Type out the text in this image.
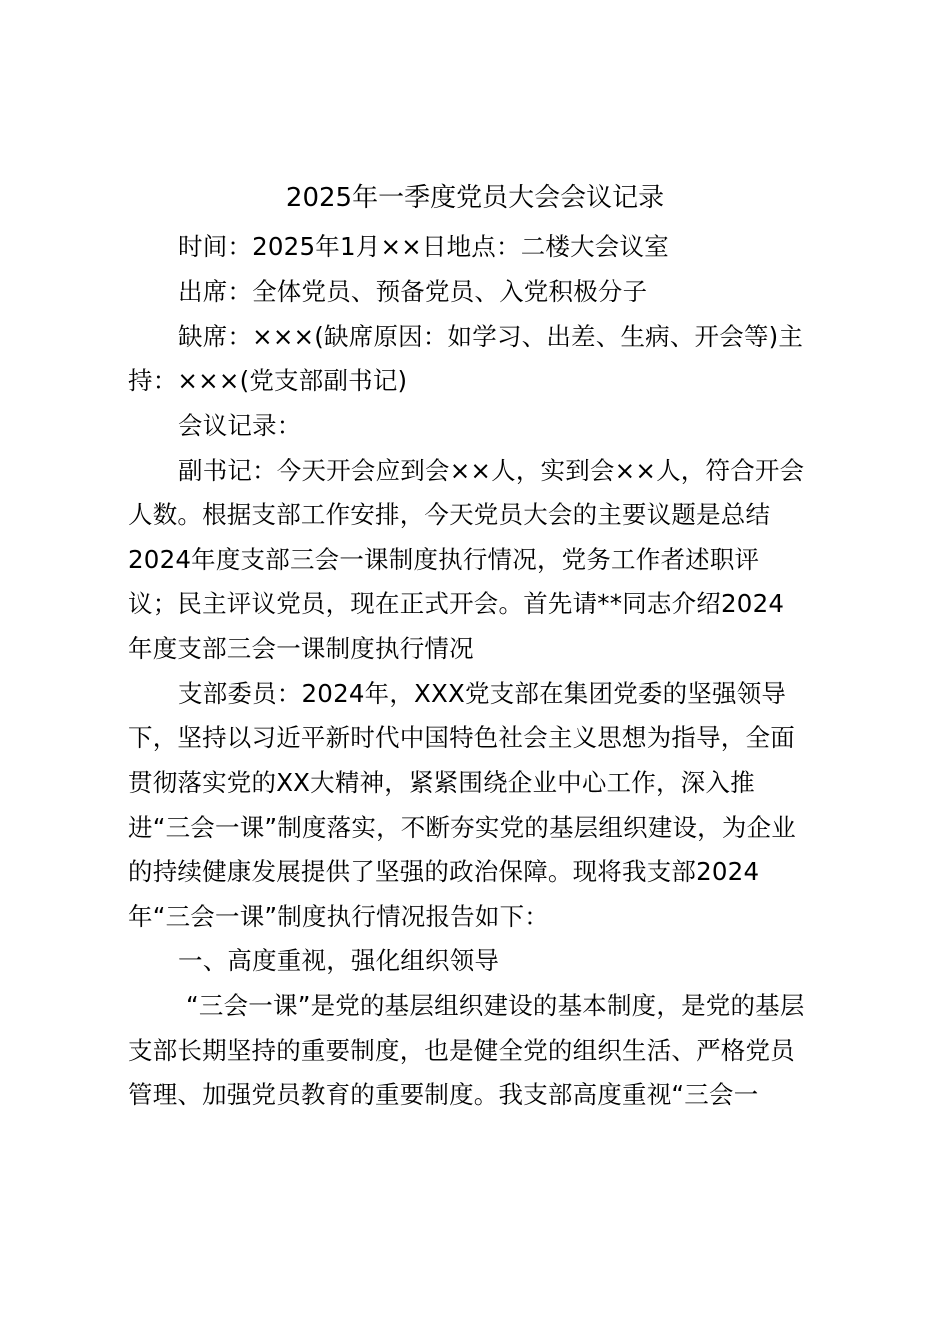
2025年一季度党员大会会议记录
时间：2025年1月××日地点：二楼大会议室
出席：全体党员、预备党员、入党积极分子
缺席：×××(缺席原因：如学习、出差、生病、开会等)主
持：×××(党支部副书记)
会议记录：
副书记：今天开会应到会××人，实到会××人，符合开会
人数。根据支部工作安排，今天党员大会的主要议题是总结
2024年度支部三会一课制度执行情况，党务工作者述职评
议；民主评议党员，现在正式开会。首先请**同志介绍2024
年度支部三会一课制度执行情况
支部委员：2024年，XXX党支部在集团党委的坚强领导
下，坚持以习近平新时代中国特色社会主义思想为指导，全面
贯彻落实党的XX大精神，紧紧围绕企业中心工作，深入推
进“三会一课”制度落实，不断夯实党的基层组织建设，为企业
的持续健康发展提供了坚强的政治保障。现将我支部2024
年“三会一课”制度执行情况报告如下：
一、高度重视，强化组织领导
“三会一课”是党的基层组织建设的基本制度，是党的基层
支部长期坚持的重要制度，也是健全党的组织生活、严格党员
管理、加强党员教育的重要制度。我支部高度重视“三会一
